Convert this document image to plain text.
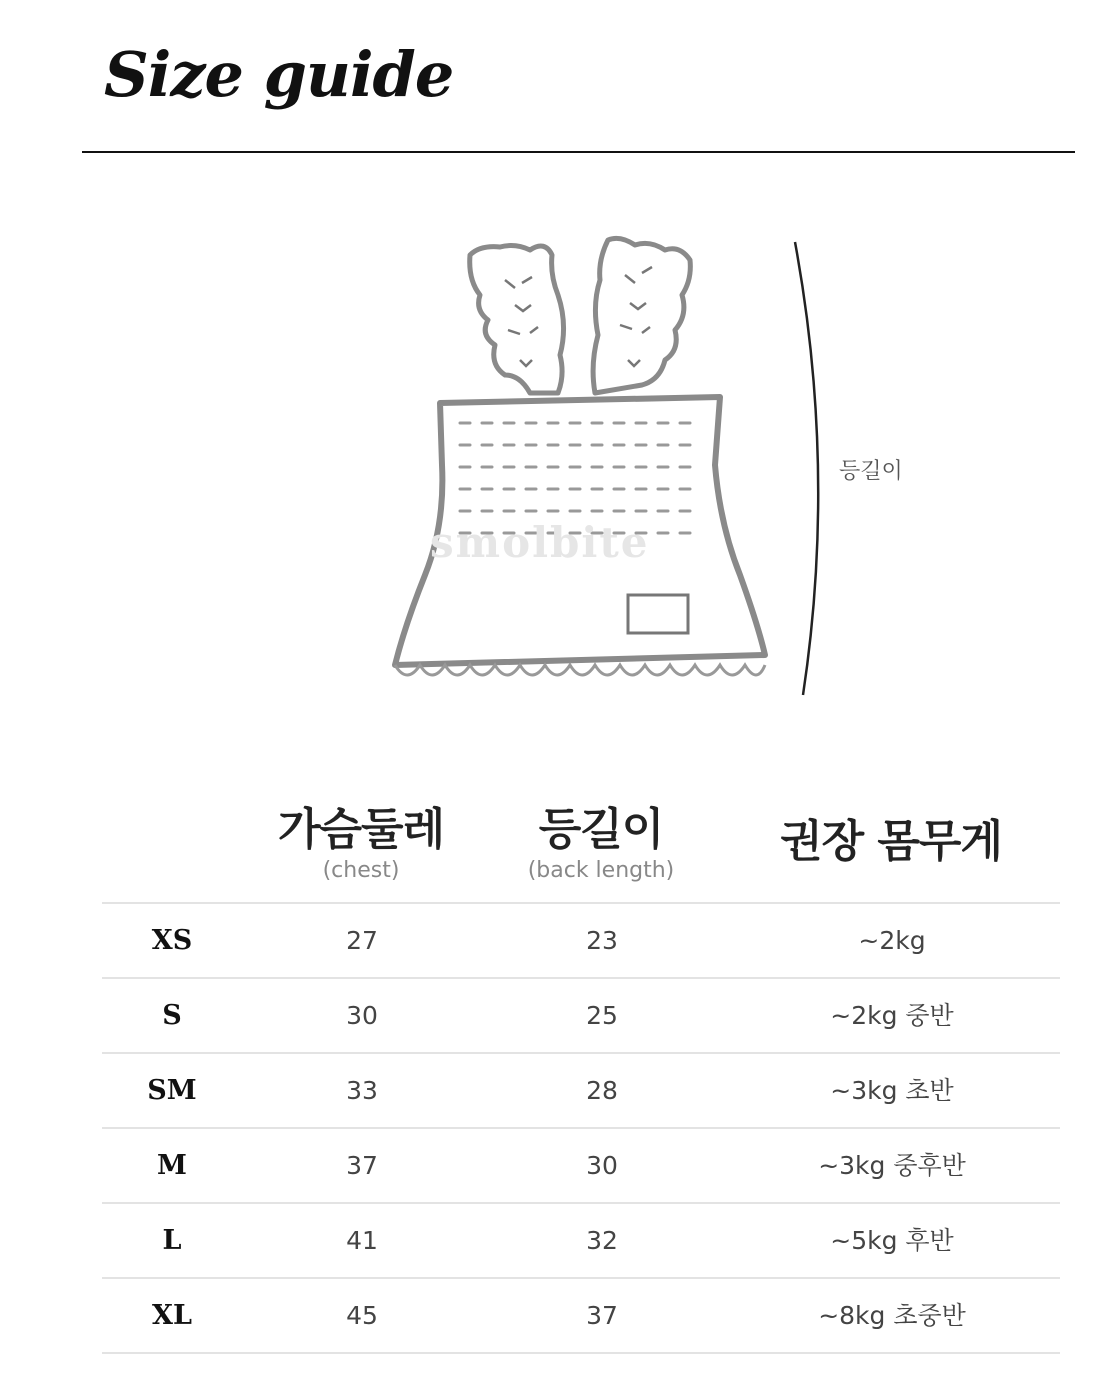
Size guide
smolbite
등길이
가슴둘레
(chest)
등길이
(back length)
권장 몸무게
XS	27	23	~2kg
S	30	25	~2kg 중반
SM	33	28	~3kg 초반
M	37	30	~3kg 중후반
L	41	32	~5kg 후반
XL	45	37	~8kg 초중반
